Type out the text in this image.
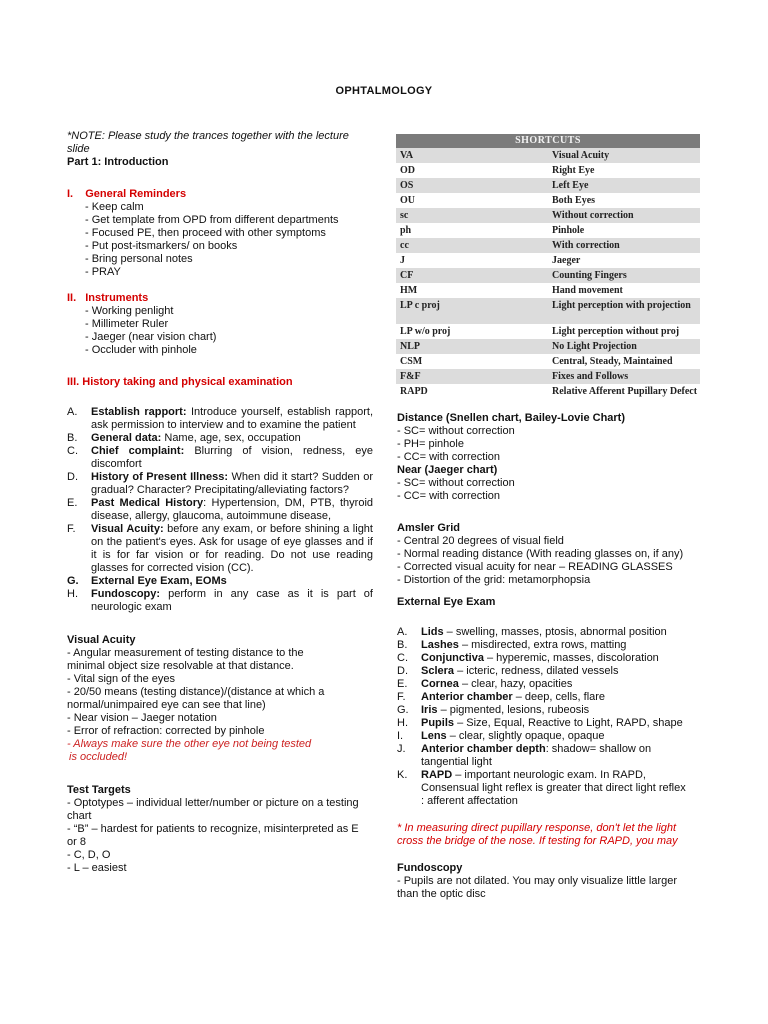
OPHTALMOLOGY
*NOTE: Please study the trances together with the lecture slide
Part 1: Introduction
I. General Reminders
- Keep calm
- Get template from OPD from different departments
- Focused PE, then proceed with other symptoms
- Put post-itsmarkers/ on books
- Bring personal notes
- PRAY
II. Instruments
- Working penlight
- Millimeter Ruler
- Jaeger (near vision chart)
- Occluder with pinhole
III. History taking and physical examination
A. Establish rapport: Introduce yourself, establish rapport, ask permission to interview and to examine the patient
B. General data: Name, age, sex, occupation
C. Chief complaint: Blurring of vision, redness, eye discomfort
D. History of Present Illness: When did it start? Sudden or gradual? Character? Precipitating/alleviating factors?
E. Past Medical History: Hypertension, DM, PTB, thyroid disease, allergy, glaucoma, autoimmune disease,
F. Visual Acuity: before any exam, or before shining a light on the patient's eyes. Ask for usage of eye glasses and if it is for far vision or for reading. Do not use reading glasses for corrected vision (CC).
G. External Eye Exam, EOMs
H. Fundoscopy: perform in any case as it is part of neurologic exam
Visual Acuity
- Angular measurement of testing distance to the
minimal object size resolvable at that distance.
- Vital sign of the eyes
- 20/50 means (testing distance)/(distance at which a
normal/unimpaired eye can see that line)
- Near vision – Jaeger notation
- Error of refraction: corrected by pinhole
- Always make sure the other eye not being tested
is occluded!
Test Targets
- Optotypes – individual letter/number or picture on a testing
chart
- “B” – hardest for patients to recognize, misinterpreted as E
or 8
- C, D, O
- L – easiest
SHORTCUTS
VA	Visual Acuity
OD	Right Eye
OS	Left Eye
OU	Both Eyes
sc	Without correction
ph	Pinhole
cc	With correction
J	Jaeger
CF	Counting Fingers
HM	Hand movement
LP c proj	Light perception with projection
LP w/o proj	Light perception without proj
NLP	No Light Projection
CSM	Central, Steady, Maintained
F&F	Fixes and Follows
RAPD	Relative Afferent Pupillary Defect
Distance (Snellen chart, Bailey-Lovie Chart)
- SC= without correction
- PH= pinhole
- CC= with correction
Near (Jaeger chart)
- SC= without correction
- CC= with correction
Amsler Grid
- Central 20 degrees of visual field
- Normal reading distance (With reading glasses on, if any)
- Corrected visual acuity for near – READING GLASSES
- Distortion of the grid: metamorphopsia
External Eye Exam
A. Lids – swelling, masses, ptosis, abnormal position
B. Lashes – misdirected, extra rows, matting
C. Conjunctiva – hyperemic, masses, discoloration
D. Sclera – icteric, redness, dilated vessels
E. Cornea – clear, hazy, opacities
F. Anterior chamber – deep, cells, flare
G. Iris – pigmented, lesions, rubeosis
H. Pupils – Size, Equal, Reactive to Light, RAPD, shape
I. Lens – clear, slightly opaque, opaque
J. Anterior chamber depth: shadow= shallow on tangential light
K. RAPD – important neurologic exam. In RAPD, Consensual light reflex is greater that direct light reflex : afferent affectation
* In measuring direct pupillary response, don't let the light
cross the bridge of the nose. If testing for RAPD, you may
Fundoscopy
- Pupils are not dilated. You may only visualize little larger
than the optic disc
